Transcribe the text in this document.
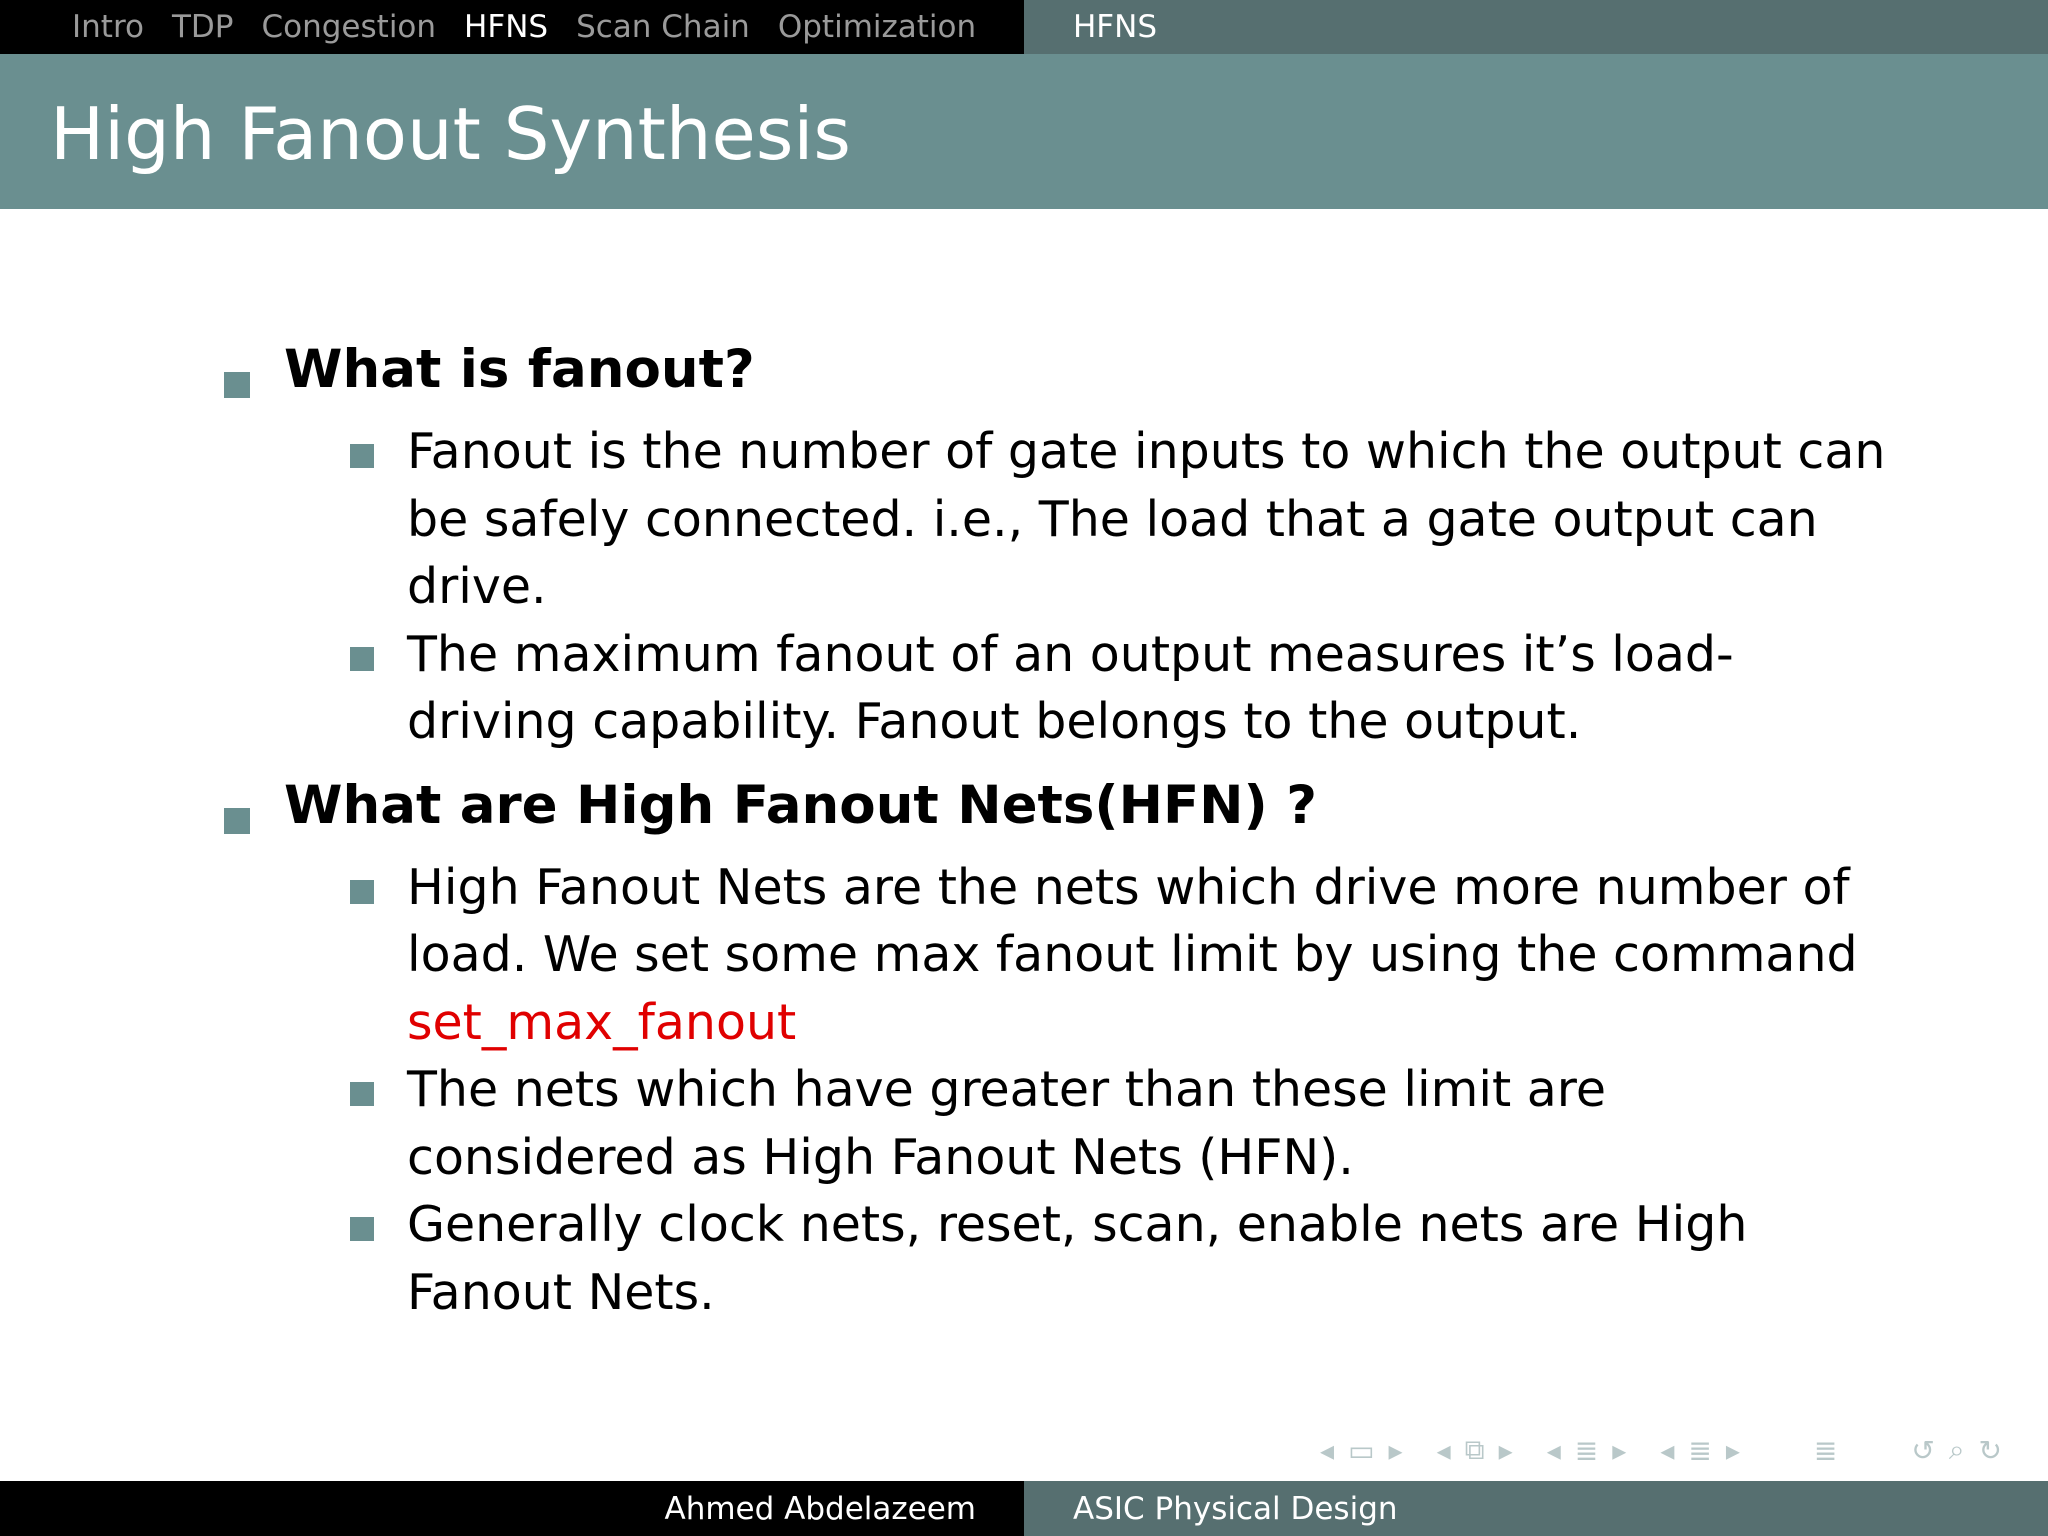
Intro TDP Congestion HFNS Scan Chain Optimization	HFNS
High Fanout Synthesis
What is fanout?
Fanout is the number of gate inputs to which the output can be safely connected. i.e., The load that a gate output can drive.
The maximum fanout of an output measures it’s load-driving capability. Fanout belongs to the output.
What are High Fanout Nets(HFN) ?
High Fanout Nets are the nets which drive more number of load. We set some max fanout limit by using the command
set_max_fanout
The nets which have greater than these limit are considered as High Fanout Nets (HFN).
Generally clock nets, reset, scan, enable nets are High Fanout Nets.
◂ ▭ ▸ ◂ ⧉ ▸ ◂ ≣ ▸ ◂ ≣ ▸	≣	↺ ⌕ ↻
Ahmed Abdelazeem	ASIC Physical Design
